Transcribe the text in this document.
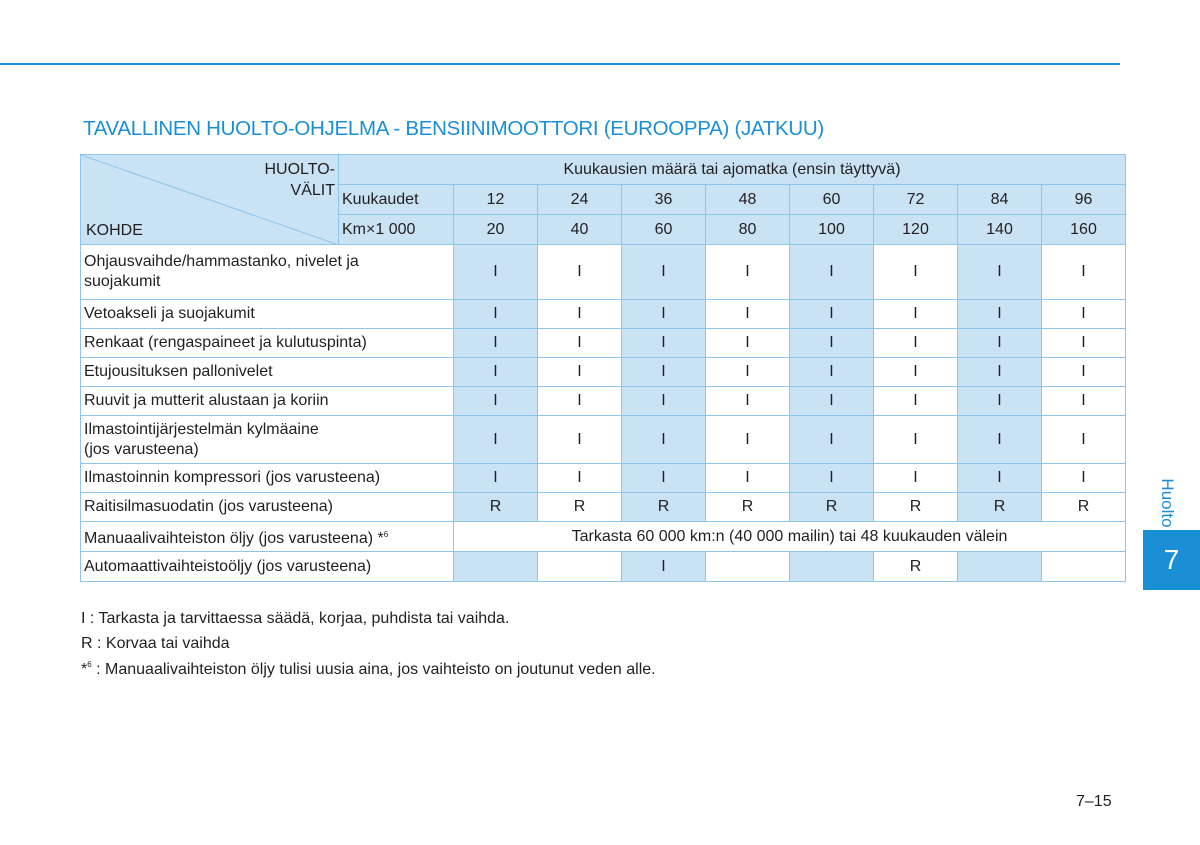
TAVALLINEN HUOLTO-OHJELMA - BENSIINIMOOTTORI (EUROOPPA) (JATKUU)
HUOLTO-
VÄLIT
KOHDE	Kuukausien määrä tai ajomatka (ensin täyttyvä)								
	Kuukaudet	12	24	36	48	60	72	84	96
	Km×1 000	20	40	60	80	100	120	140	160
Ohjausvaihde/hammastanko, nivelet ja
suojakumit		I	I	I	I	I	I	I	I
Vetoakseli ja suojakumit		I	I	I	I	I	I	I	I
Renkaat (rengaspaineet ja kulutuspinta)		I	I	I	I	I	I	I	I
Etujousituksen pallonivelet		I	I	I	I	I	I	I	I
Ruuvit ja mutterit alustaan ja koriin		I	I	I	I	I	I	I	I
Ilmastointijärjestelmän kylmäaine
(jos varusteena)		I	I	I	I	I	I	I	I
Ilmastoinnin kompressori (jos varusteena)		I	I	I	I	I	I	I	I
Raitisilmasuodatin (jos varusteena)		R	R	R	R	R	R	R	R
Manuaalivaihteiston öljy (jos varusteena) *$^6$		Tarkasta 60 000 km:n (40 000 mailin) tai 48 kuukauden välein							
Automaattivaihteistoöljy (jos varusteena)				I			R		
I : Tarkasta ja tarvittaessa säädä, korjaa, puhdista tai vaihda.
R : Korvaa tai vaihda
*$^6$ : Manuaalivaihteiston öljy tulisi uusia aina, jos vaihteisto on joutunut veden alle.
Huolto
7
7–15
